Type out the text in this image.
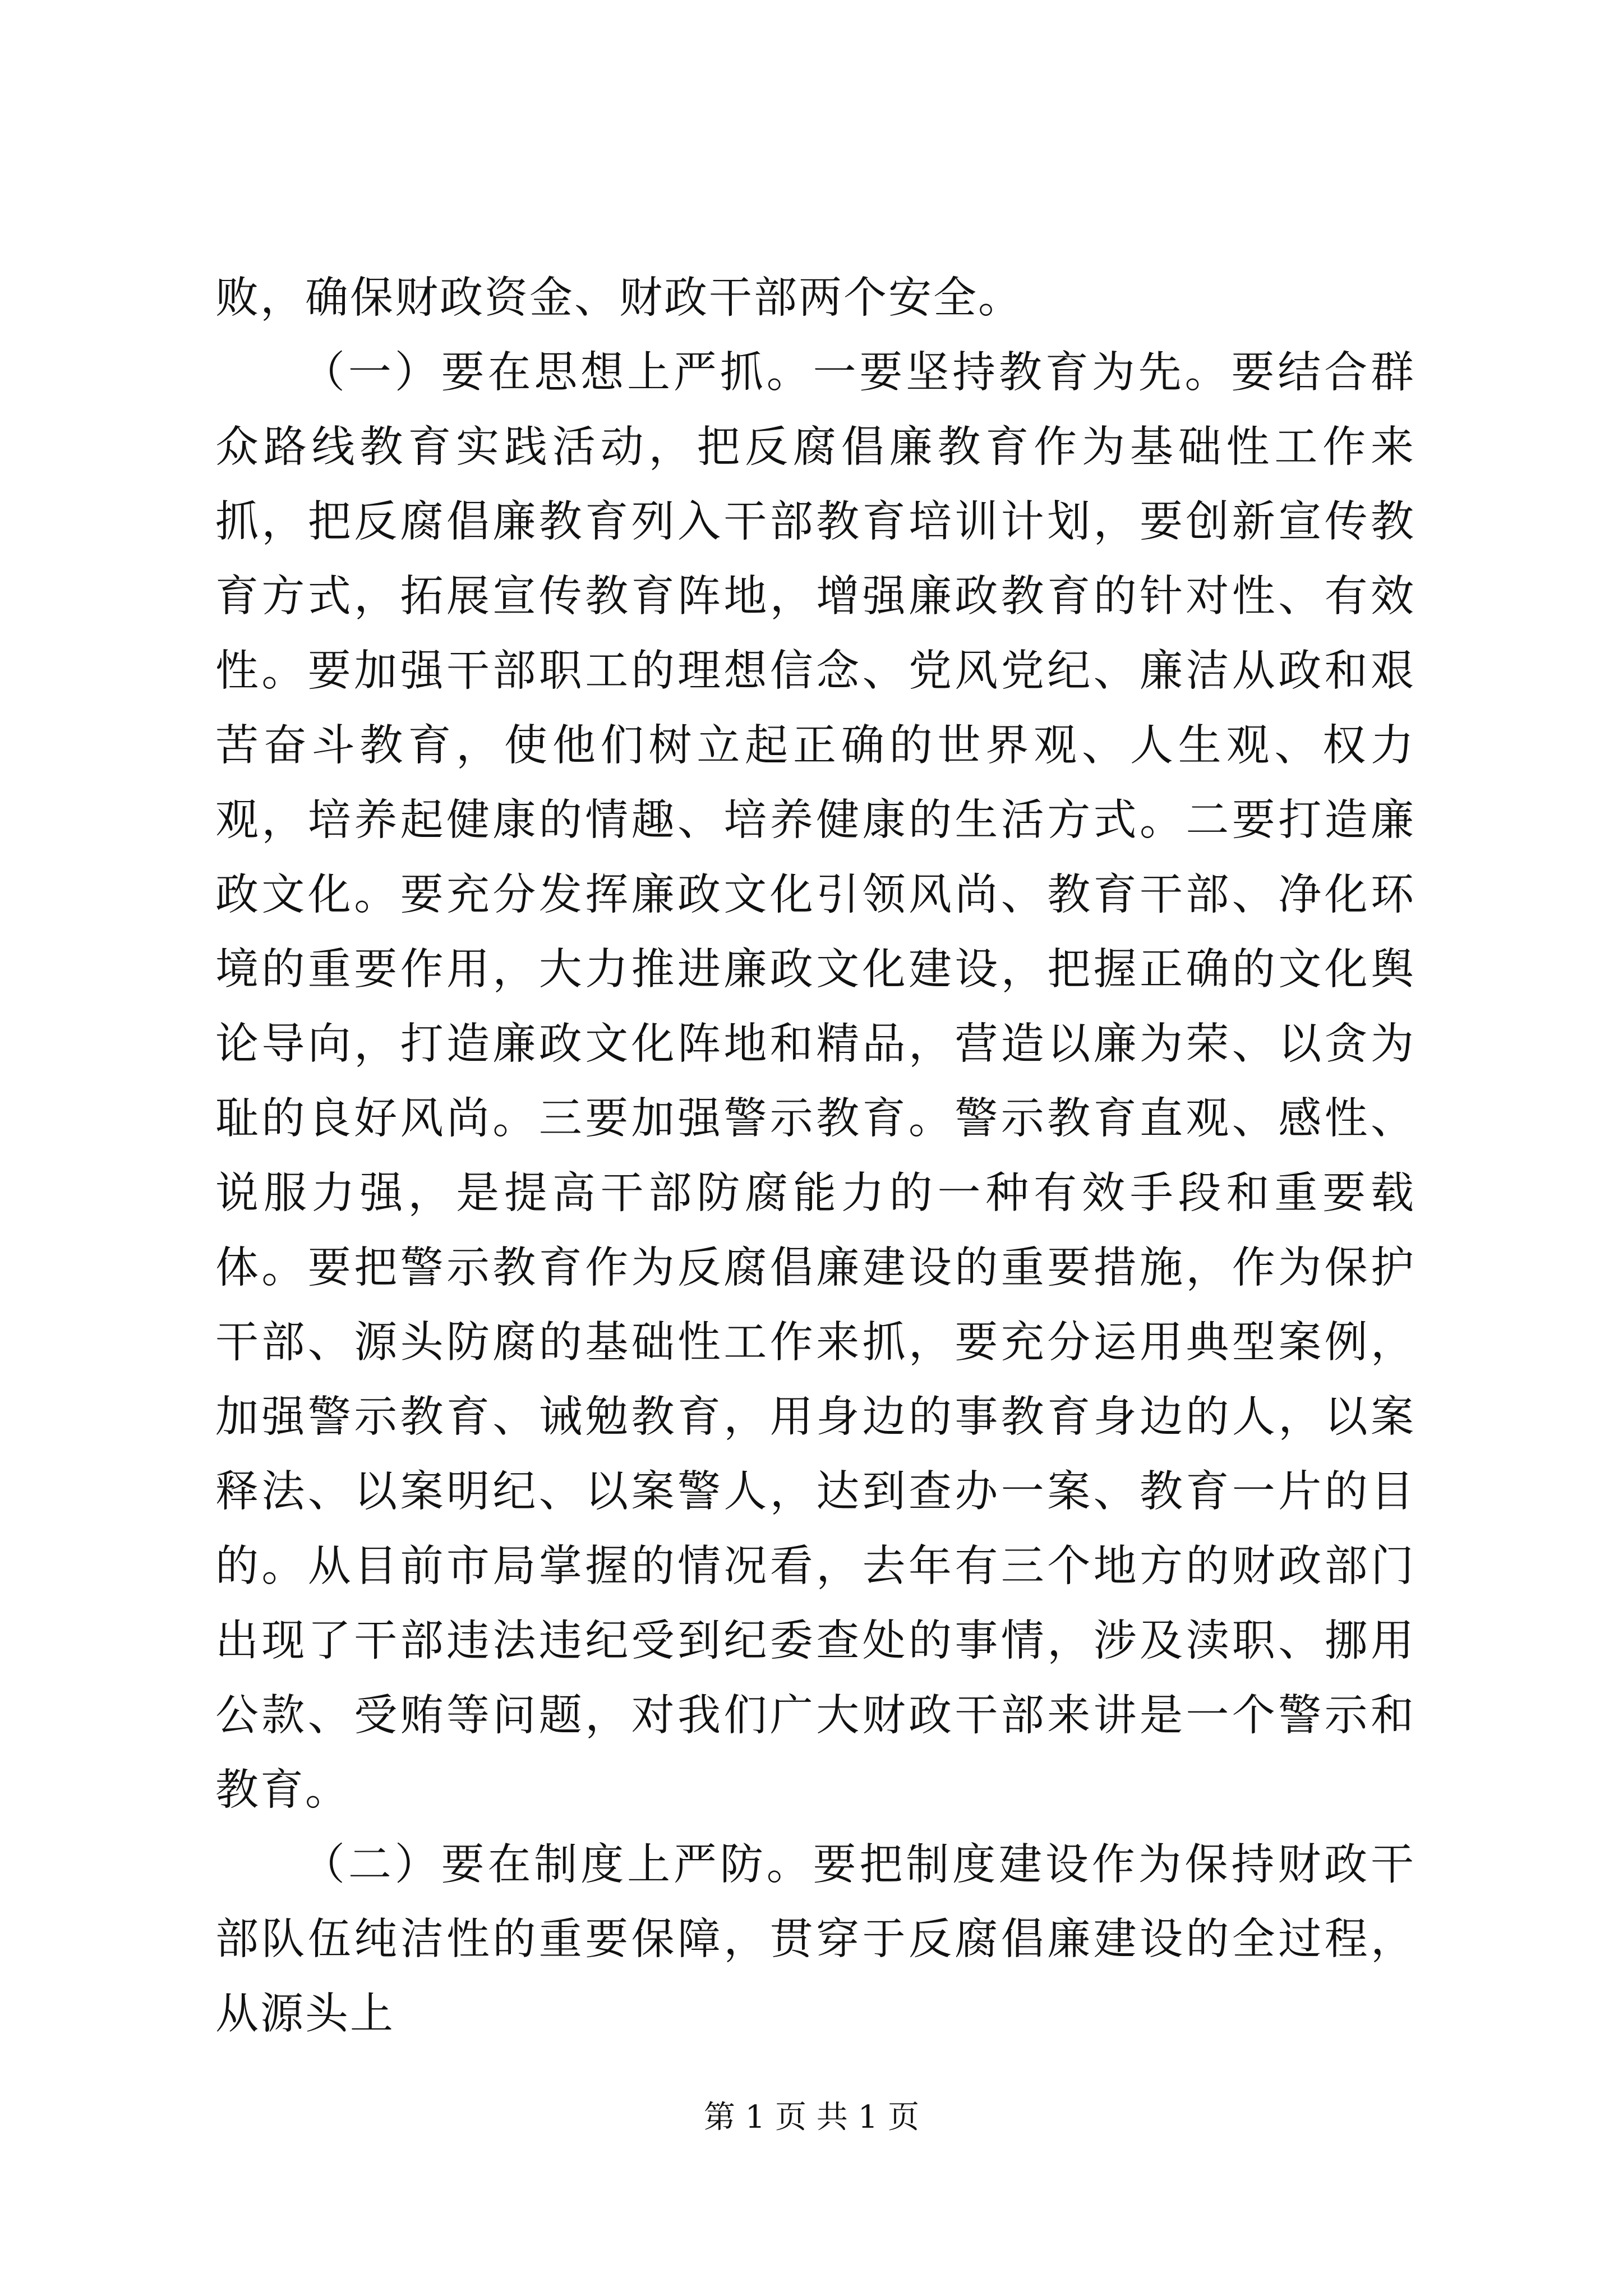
败，确保财政资金、财政干部两个安全。

（一）要在思想上严抓。一要坚持教育为先。要结合群众路线教育实践活动，把反腐倡廉教育作为基础性工作来抓，把反腐倡廉教育列入干部教育培训计划，要创新宣传教育方式，拓展宣传教育阵地，增强廉政教育的针对性、有效性。要加强干部职工的理想信念、党风党纪、廉洁从政和艰苦奋斗教育，使他们树立起正确的世界观、人生观、权力观，培养起健康的情趣、培养健康的生活方式。二要打造廉政文化。要充分发挥廉政文化引领风尚、教育干部、净化环境的重要作用，大力推进廉政文化建设，把握正确的文化舆论导向，打造廉政文化阵地和精品，营造以廉为荣、以贪为耻的良好风尚。三要加强警示教育。警示教育直观、感性、说服力强，是提高干部防腐能力的一种有效手段和重要载体。要把警示教育作为反腐倡廉建设的重要措施，作为保护干部、源头防腐的基础性工作来抓，要充分运用典型案例，加强警示教育、诫勉教育，用身边的事教育身边的人，以案释法、以案明纪、以案警人，达到查办一案、教育一片的目的。从目前市局掌握的情况看，去年有三个地方的财政部门出现了干部违法违纪受到纪委查处的事情，涉及渎职、挪用公款、受贿等问题，对我们广大财政干部来讲是一个警示和教育。

（二）要在制度上严防。要把制度建设作为保持财政干部队伍纯洁性的重要保障，贯穿于反腐倡廉建设的全过程，从源头上

第 1 页 共 1 页
